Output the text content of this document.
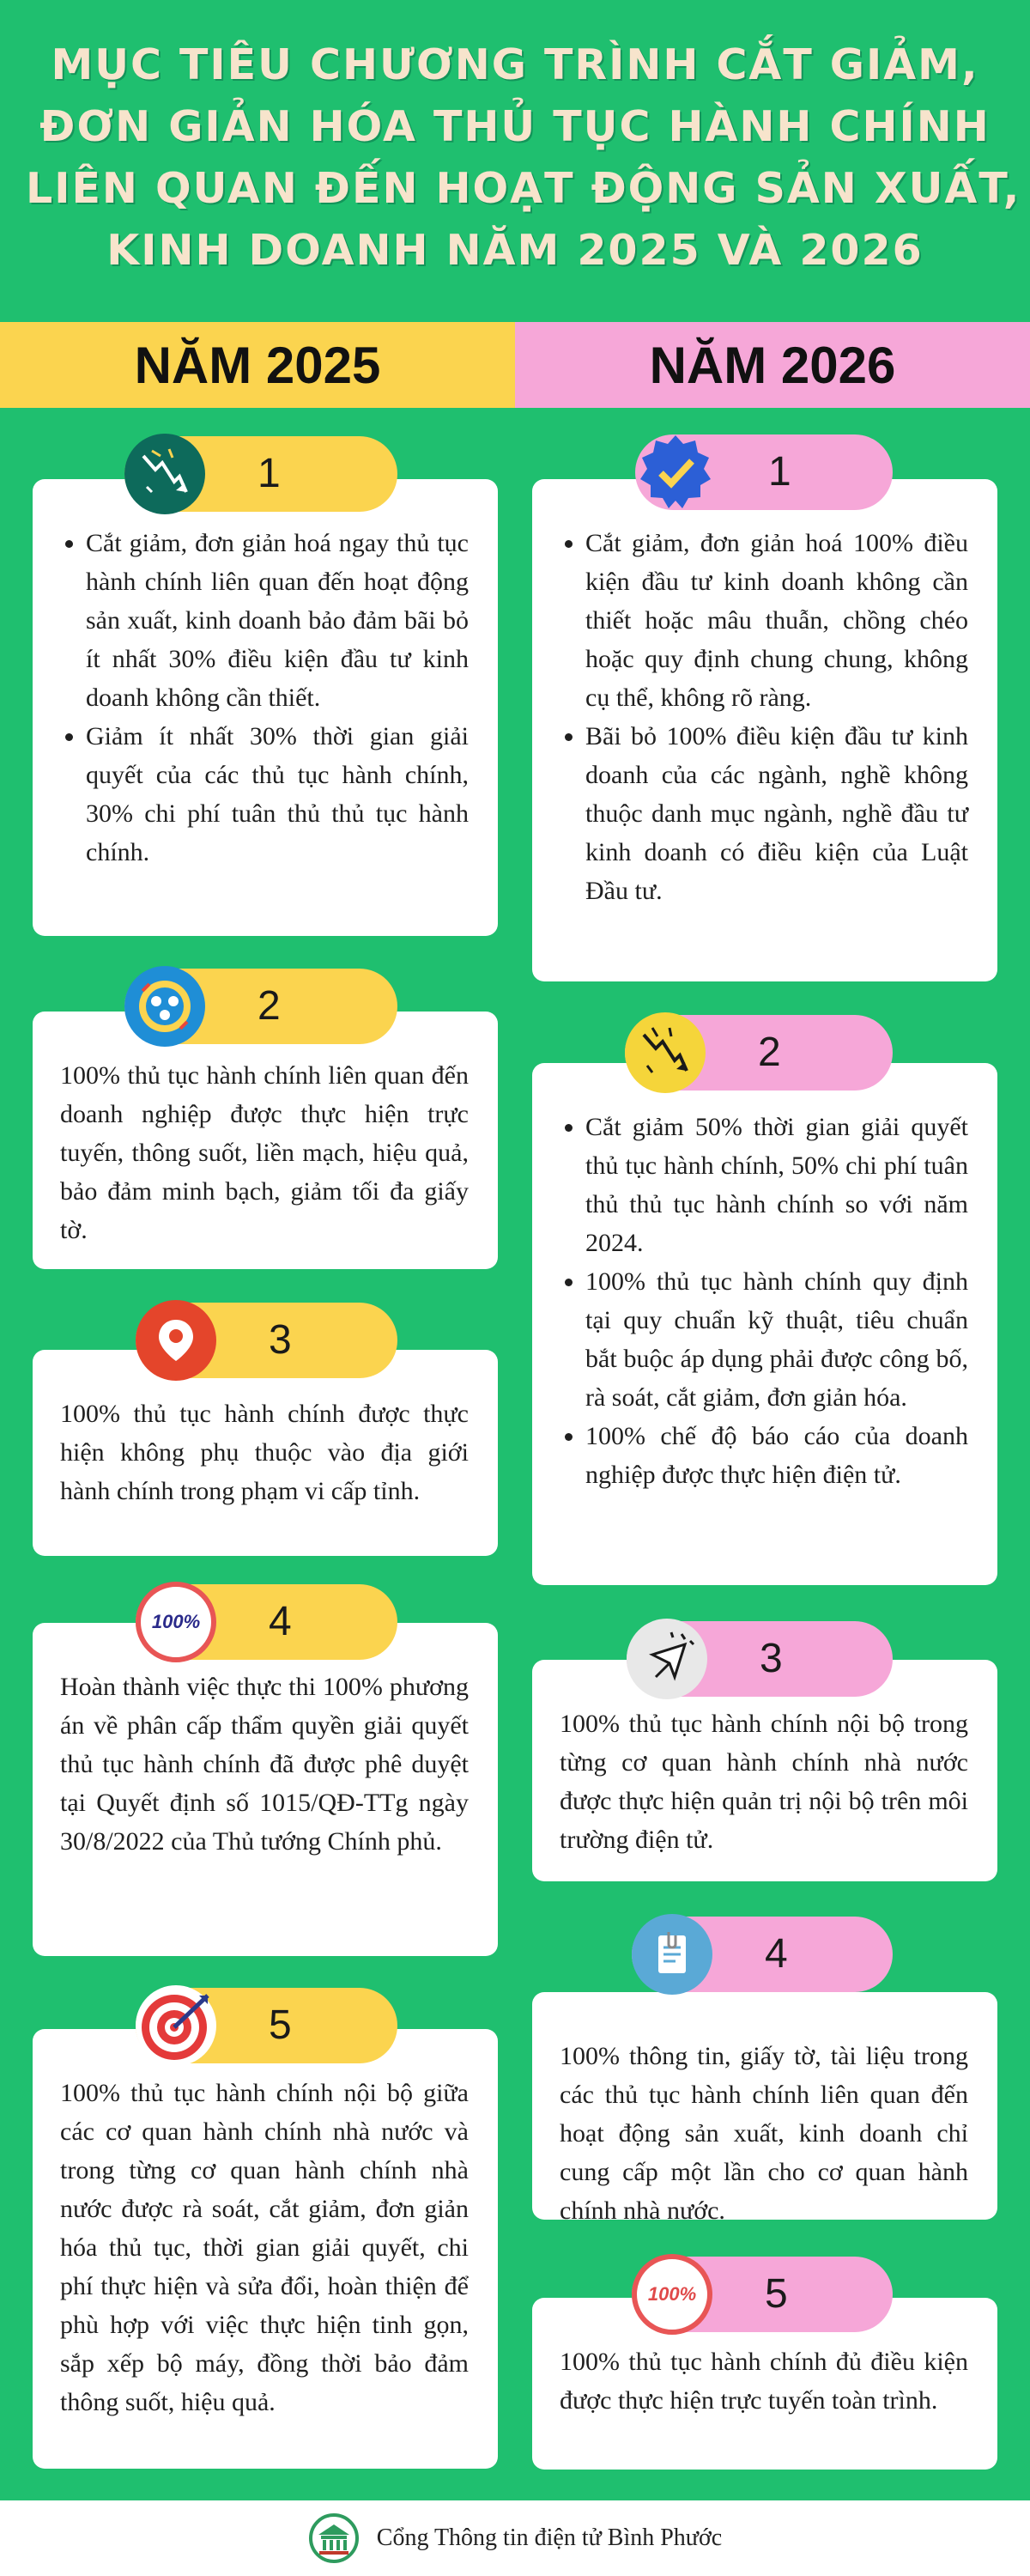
MỤC TIÊU CHƯƠNG TRÌNH CẮT GIẢM,
ĐƠN GIẢN HÓA THỦ TỤC HÀNH CHÍNH
LIÊN QUAN ĐẾN HOẠT ĐỘNG SẢN XUẤT,
KINH DOANH NĂM 2025 VÀ 2026
NĂM 2025	NĂM 2026
• Cắt giảm, đơn giản hoá ngay thủ tục hành chính liên quan đến hoạt động sản xuất, kinh doanh bảo đảm bãi bỏ ít nhất 30% điều kiện đầu tư kinh doanh không cần thiết.
• Giảm ít nhất 30% thời gian giải quyết của các thủ tục hành chính, 30% chi phí tuân thủ thủ tục hành chính.
1

100% thủ tục hành chính liên quan đến doanh nghiệp được thực hiện trực tuyến, thông suốt, liền mạch, hiệu quả, bảo đảm minh bạch, giảm tối đa giấy tờ.

2

100% thủ tục hành chính được thực hiện không phụ thuộc vào địa giới hành chính trong phạm vi cấp tỉnh.

3

Hoàn thành việc thực thi 100% phương án về phân cấp thẩm quyền giải quyết thủ tục hành chính đã được phê duyệt tại Quyết định số 1015/QĐ-TTg ngày 30/8/2022 của Thủ tướng Chính phủ.

100% 4

100% thủ tục hành chính nội bộ giữa các cơ quan hành chính nhà nước và trong từng cơ quan hành chính nhà nước được rà soát, cắt giảm, đơn giản hóa thủ tục, thời gian giải quyết, chi phí thực hiện và sửa đổi, hoàn thiện để phù hợp với việc thực hiện tinh gọn, sắp xếp bộ máy, đồng thời bảo đảm thông suốt, hiệu quả.

5
• Cắt giảm, đơn giản hoá 100% điều kiện đầu tư kinh doanh không cần thiết hoặc mâu thuẫn, chồng chéo hoặc quy định chung chung, không cụ thể, không rõ ràng.
• Bãi bỏ 100% điều kiện đầu tư kinh doanh của các ngành, nghề không thuộc danh mục ngành, nghề đầu tư kinh doanh có điều kiện của Luật Đầu tư.
1
• Cắt giảm 50% thời gian giải quyết thủ tục hành chính, 50% chi phí tuân thủ thủ tục hành chính so với năm 2024.
• 100% thủ tục hành chính quy định tại quy chuẩn kỹ thuật, tiêu chuẩn bắt buộc áp dụng phải được công bố, rà soát, cắt giảm, đơn giản hóa.
• 100% chế độ báo cáo của doanh nghiệp được thực hiện điện tử.
2

100% thủ tục hành chính nội bộ trong từng cơ quan hành chính nhà nước được thực hiện quản trị nội bộ trên môi trường điện tử.

3

100% thông tin, giấy tờ, tài liệu trong các thủ tục hành chính liên quan đến hoạt động sản xuất, kinh doanh chỉ cung cấp một lần cho cơ quan hành chính nhà nước.

4

100% thủ tục hành chính đủ điều kiện được thực hiện trực tuyến toàn trình.

100% 5
Cổng Thông tin điện tử Bình Phước
